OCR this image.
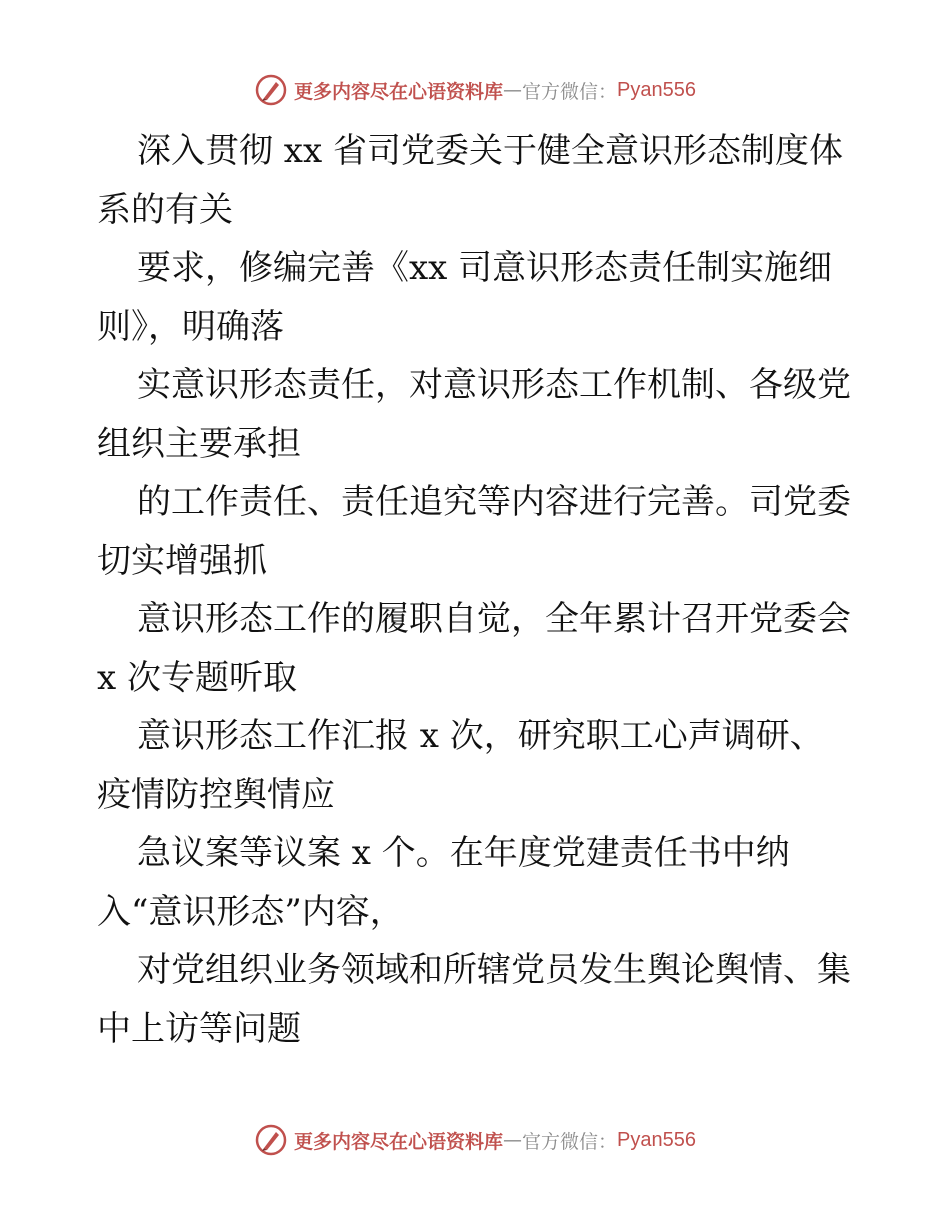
更多内容尽在心语资料库 — 官方微信： Pyan556
深入贯彻 xx 省司党委关于健全意识形态制度体
系的有关
要求，修编完善《xx 司意识形态责任制实施细
则》，明确落
实意识形态责任，对意识形态工作机制、各级党
组织主要承担
的工作责任、责任追究等内容进行完善。司党委
切实增强抓
意识形态工作的履职自觉，全年累计召开党委会
x 次专题听取
意识形态工作汇报 x 次，研究职工心声调研、
疫情防控舆情应
急议案等议案 x 个。在年度党建责任书中纳
入“意识形态”内容，
对党组织业务领域和所辖党员发生舆论舆情、集
中上访等问题
更多内容尽在心语资料库 — 官方微信： Pyan556
